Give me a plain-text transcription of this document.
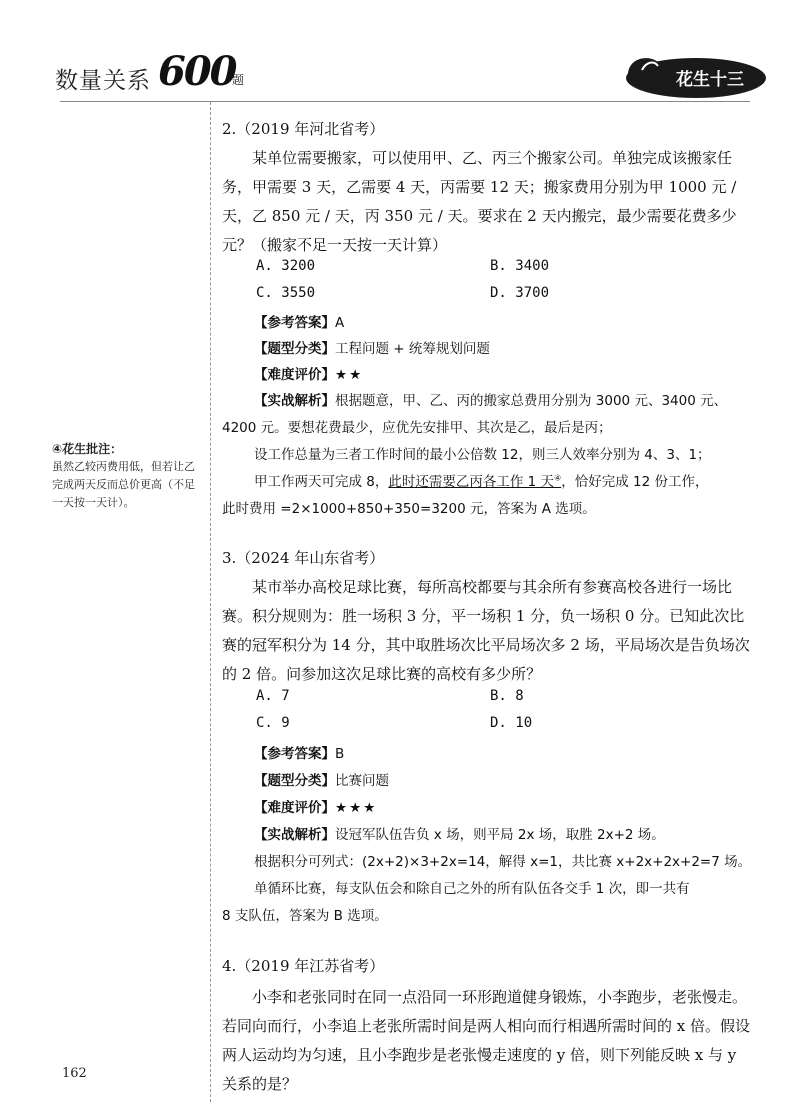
数量关系 600
题	花生十三
④花生批注：
虽然乙较丙费用低，但若让乙完成两天反而总价更高（不足一天按一天计）。
2.（2019 年河北省考）
某单位需要搬家，可以使用甲、乙、丙三个搬家公司。单独完成该搬家任务，甲需要 3 天，乙需要 4 天，丙需要 12 天；搬家费用分别为甲 1000 元 / 天，乙 850 元 / 天，丙 350 元 / 天。要求在 2 天内搬完，最少需要花费多少元？（搬家不足一天按一天计算）
A. 3200	B. 3400
C. 3550	D. 3700
【参考答案】A
【题型分类】工程问题 + 统筹规划问题
【难度评价】★★
【实战解析】根据题意，甲、乙、丙的搬家总费用分别为 3000 元、3400 元、
4200 元。要想花费最少，应优先安排甲、其次是乙，最后是丙；
设工作总量为三者工作时间的最小公倍数 12，则三人效率分别为 4、3、1；
甲工作两天可完成 8，此时还需要乙丙各工作 1 天④，恰好完成 12 份工作，
此时费用 =2×1000+850+350=3200 元，答案为 A 选项。
3.（2024 年山东省考）
某市举办高校足球比赛，每所高校都要与其余所有参赛高校各进行一场比赛。积分规则为：胜一场积 3 分，平一场积 1 分，负一场积 0 分。已知此次比赛的冠军积分为 14 分，其中取胜场次比平局场次多 2 场，平局场次是告负场次的 2 倍。问参加这次足球比赛的高校有多少所？
A. 7	B. 8
C. 9	D. 10
【参考答案】B
【题型分类】比赛问题
【难度评价】★★★
【实战解析】设冠军队伍告负 x 场，则平局 2x 场，取胜 2x+2 场。
根据积分可列式：(2x+2)×3+2x=14，解得 x=1，共比赛 x+2x+2x+2=7 场。
单循环比赛，每支队伍会和除自己之外的所有队伍各交手 1 次，即一共有
8 支队伍，答案为 B 选项。
4.（2019 年江苏省考）
小李和老张同时在同一点沿同一环形跑道健身锻炼，小李跑步，老张慢走。若同向而行，小李追上老张所需时间是两人相向而行相遇所需时间的 x 倍。假设两人运动均为匀速，且小李跑步是老张慢走速度的 y 倍，则下列能反映 x 与 y 关系的是？
162
